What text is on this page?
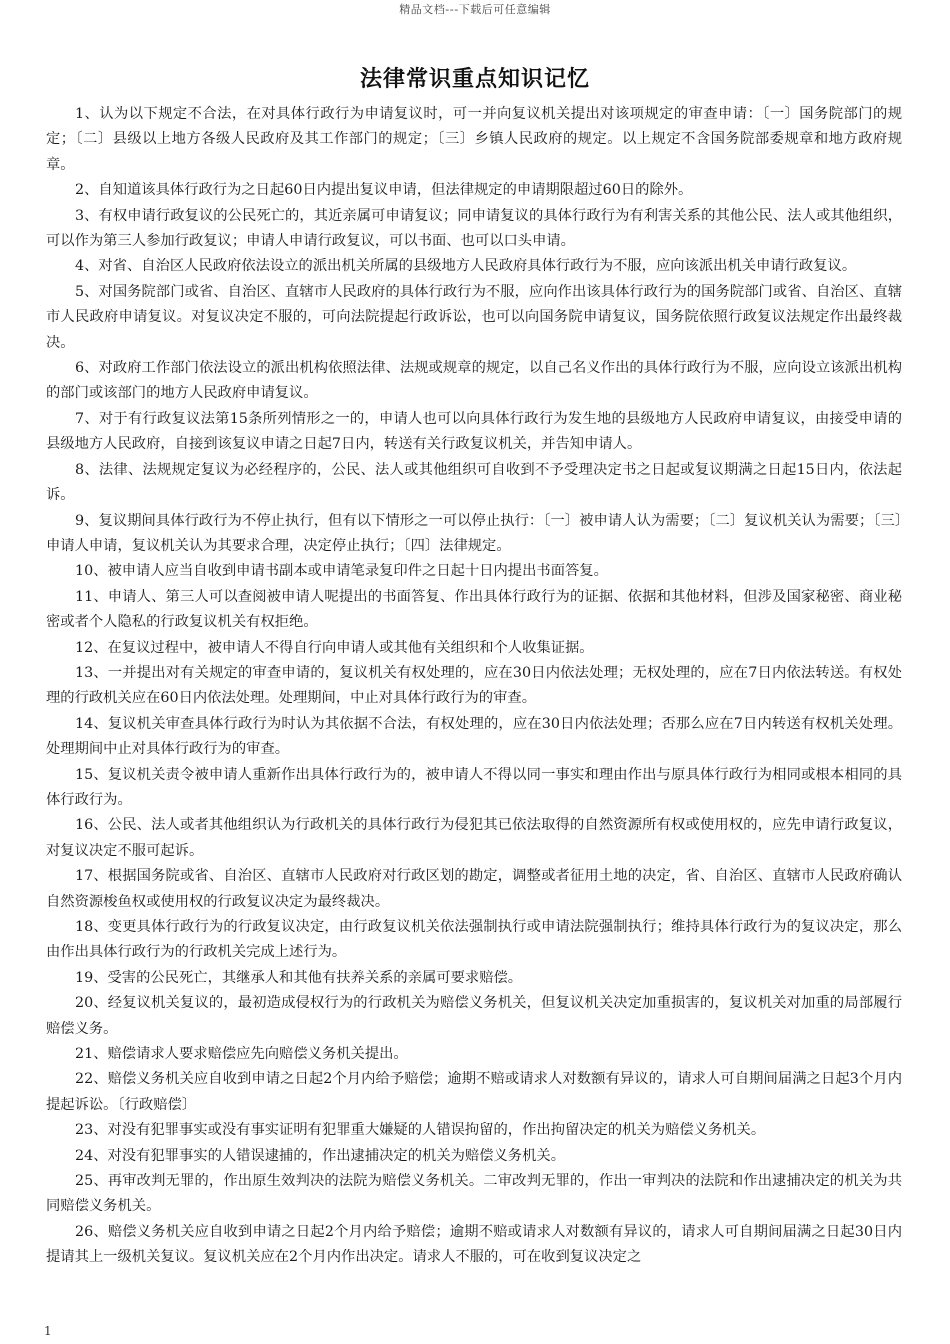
精品文档---下载后可任意编辑
法律常识重点知识记忆

1、认为以下规定不合法，在对具体行政行为申请复议时，可一并向复议机关提出对该项规定的审查申请：〔一〕国务院部门的规定；〔二〕县级以上地方各级人民政府及其工作部门的规定；〔三〕乡镇人民政府的规定。以上规定不含国务院部委规章和地方政府规章。

2、自知道该具体行政行为之日起60日内提出复议申请，但法律规定的申请期限超过60日的除外。

3、有权申请行政复议的公民死亡的，其近亲属可申请复议；同申请复议的具体行政行为有利害关系的其他公民、法人或其他组织，可以作为第三人参加行政复议；申请人申请行政复议，可以书面、也可以口头申请。

4、对省、自治区人民政府依法设立的派出机关所属的县级地方人民政府具体行政行为不服，应向该派出机关申请行政复议。

5、对国务院部门或省、自治区、直辖市人民政府的具体行政行为不服，应向作出该具体行政行为的国务院部门或省、自治区、直辖市人民政府申请复议。对复议决定不服的，可向法院提起行政诉讼，也可以向国务院申请复议，国务院依照行政复议法规定作出最终裁决。

6、对政府工作部门依法设立的派出机构依照法律、法规或规章的规定，以自己名义作出的具体行政行为不服，应向设立该派出机构的部门或该部门的地方人民政府申请复议。

7、对于有行政复议法第15条所列情形之一的，申请人也可以向具体行政行为发生地的县级地方人民政府申请复议，由接受申请的县级地方人民政府，自接到该复议申请之日起7日内，转送有关行政复议机关，并告知申请人。

8、法律、法规规定复议为必经程序的，公民、法人或其他组织可自收到不予受理决定书之日起或复议期满之日起15日内，依法起诉。

9、复议期间具体行政行为不停止执行，但有以下情形之一可以停止执行：〔一〕被申请人认为需要；〔二〕复议机关认为需要；〔三〕申请人申请，复议机关认为其要求合理，决定停止执行；〔四〕法律规定。

10、被申请人应当自收到申请书副本或申请笔录复印件之日起十日内提出书面答复。

11、申请人、第三人可以查阅被申请人呢提出的书面答复、作出具体行政行为的证据、依据和其他材料，但涉及国家秘密、商业秘密或者个人隐私的行政复议机关有权拒绝。

12、在复议过程中，被申请人不得自行向申请人或其他有关组织和个人收集证据。

13、一并提出对有关规定的审查申请的，复议机关有权处理的，应在30日内依法处理；无权处理的，应在7日内依法转送。有权处理的行政机关应在60日内依法处理。处理期间，中止对具体行政行为的审查。

14、复议机关审查具体行政行为时认为其依据不合法，有权处理的，应在30日内依法处理；否那么应在7日内转送有权机关处理。处理期间中止对具体行政行为的审查。

15、复议机关责令被申请人重新作出具体行政行为的，被申请人不得以同一事实和理由作出与原具体行政行为相同或根本相同的具体行政行为。

16、公民、法人或者其他组织认为行政机关的具体行政行为侵犯其已依法取得的自然资源所有权或使用权的，应先申请行政复议，对复议决定不服可起诉。

17、根据国务院或省、自治区、直辖市人民政府对行政区划的勘定，调整或者征用土地的决定，省、自治区、直辖市人民政府确认自然资源梭鱼权或使用权的行政复议决定为最终裁决。

18、变更具体行政行为的行政复议决定，由行政复议机关依法强制执行或申请法院强制执行；维持具体行政行为的复议决定，那么由作出具体行政行为的行政机关完成上述行为。

19、受害的公民死亡，其继承人和其他有扶养关系的亲属可要求赔偿。

20、经复议机关复议的，最初造成侵权行为的行政机关为赔偿义务机关，但复议机关决定加重损害的，复议机关对加重的局部履行赔偿义务。

21、赔偿请求人要求赔偿应先向赔偿义务机关提出。

22、赔偿义务机关应自收到申请之日起2个月内给予赔偿；逾期不赔或请求人对数额有异议的，请求人可自期间届满之日起3个月内提起诉讼。〔行政赔偿〕

23、对没有犯罪事实或没有事实证明有犯罪重大嫌疑的人错误拘留的，作出拘留决定的机关为赔偿义务机关。

24、对没有犯罪事实的人错误逮捕的，作出逮捕决定的机关为赔偿义务机关。

25、再审改判无罪的，作出原生效判决的法院为赔偿义务机关。二审改判无罪的，作出一审判决的法院和作出逮捕决定的机关为共同赔偿义务机关。

26、赔偿义务机关应自收到申请之日起2个月内给予赔偿；逾期不赔或请求人对数额有异议的，请求人可自期间届满之日起30日内提请其上一级机关复议。复议机关应在2个月内作出决定。请求人不服的，可在收到复议决定之

1
